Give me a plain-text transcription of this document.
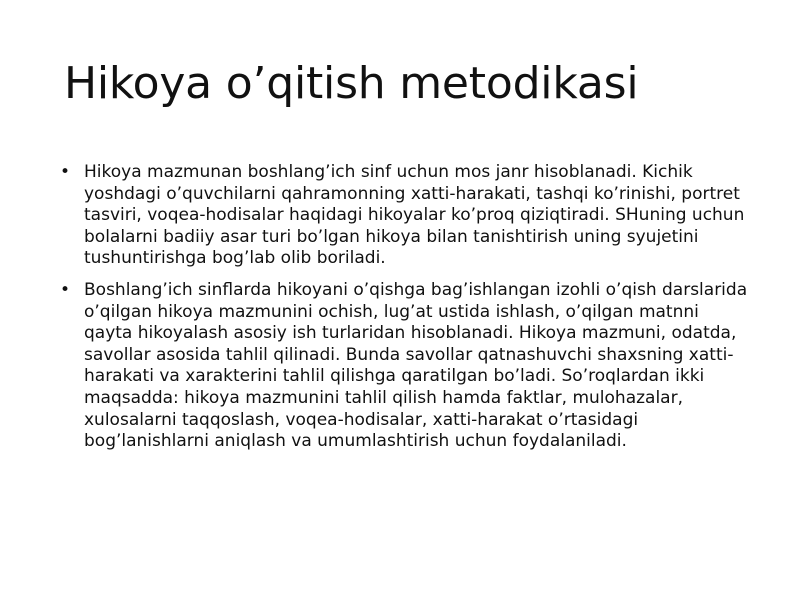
Hikoya o’qitish metodikasi
• Hikoya mazmunan boshlang’ich sinf uchun mos janr hisoblanadi. Kichik yoshdagi o’quvchilarni qahramonning xatti-harakati, tashqi ko’rinishi, portret tasviri, voqea-hodisalar haqidagi hikoyalar ko’proq qiziqtiradi. SHuning uchun bolalarni badiiy asar turi bo’lgan hikoya bilan tanishtirish uning syujetini tushuntirishga bog’lab olib boriladi.
• Boshlang’ich sinflarda hikoyani o’qishga bag’ishlangan izohli o’qish darslarida o’qilgan hikoya mazmunini ochish, lug’at ustida ishlash, o’qilgan matnni qayta hikoyalash asosiy ish turlaridan hisoblanadi. Hikoya mazmuni, odatda, savollar asosida tahlil qilinadi. Bunda savollar qatnashuvchi shaxsning xatti-harakati va xarakterini tahlil qilishga qaratilgan bo’ladi. So’roqlardan ikki maqsadda: hikoya mazmunini tahlil qilish hamda faktlar, mulohazalar, xulosalarni taqqoslash, voqea-hodisalar, xatti-harakat o’rtasidagi bog’lanishlarni aniqlash va umumlashtirish uchun foydalaniladi.
